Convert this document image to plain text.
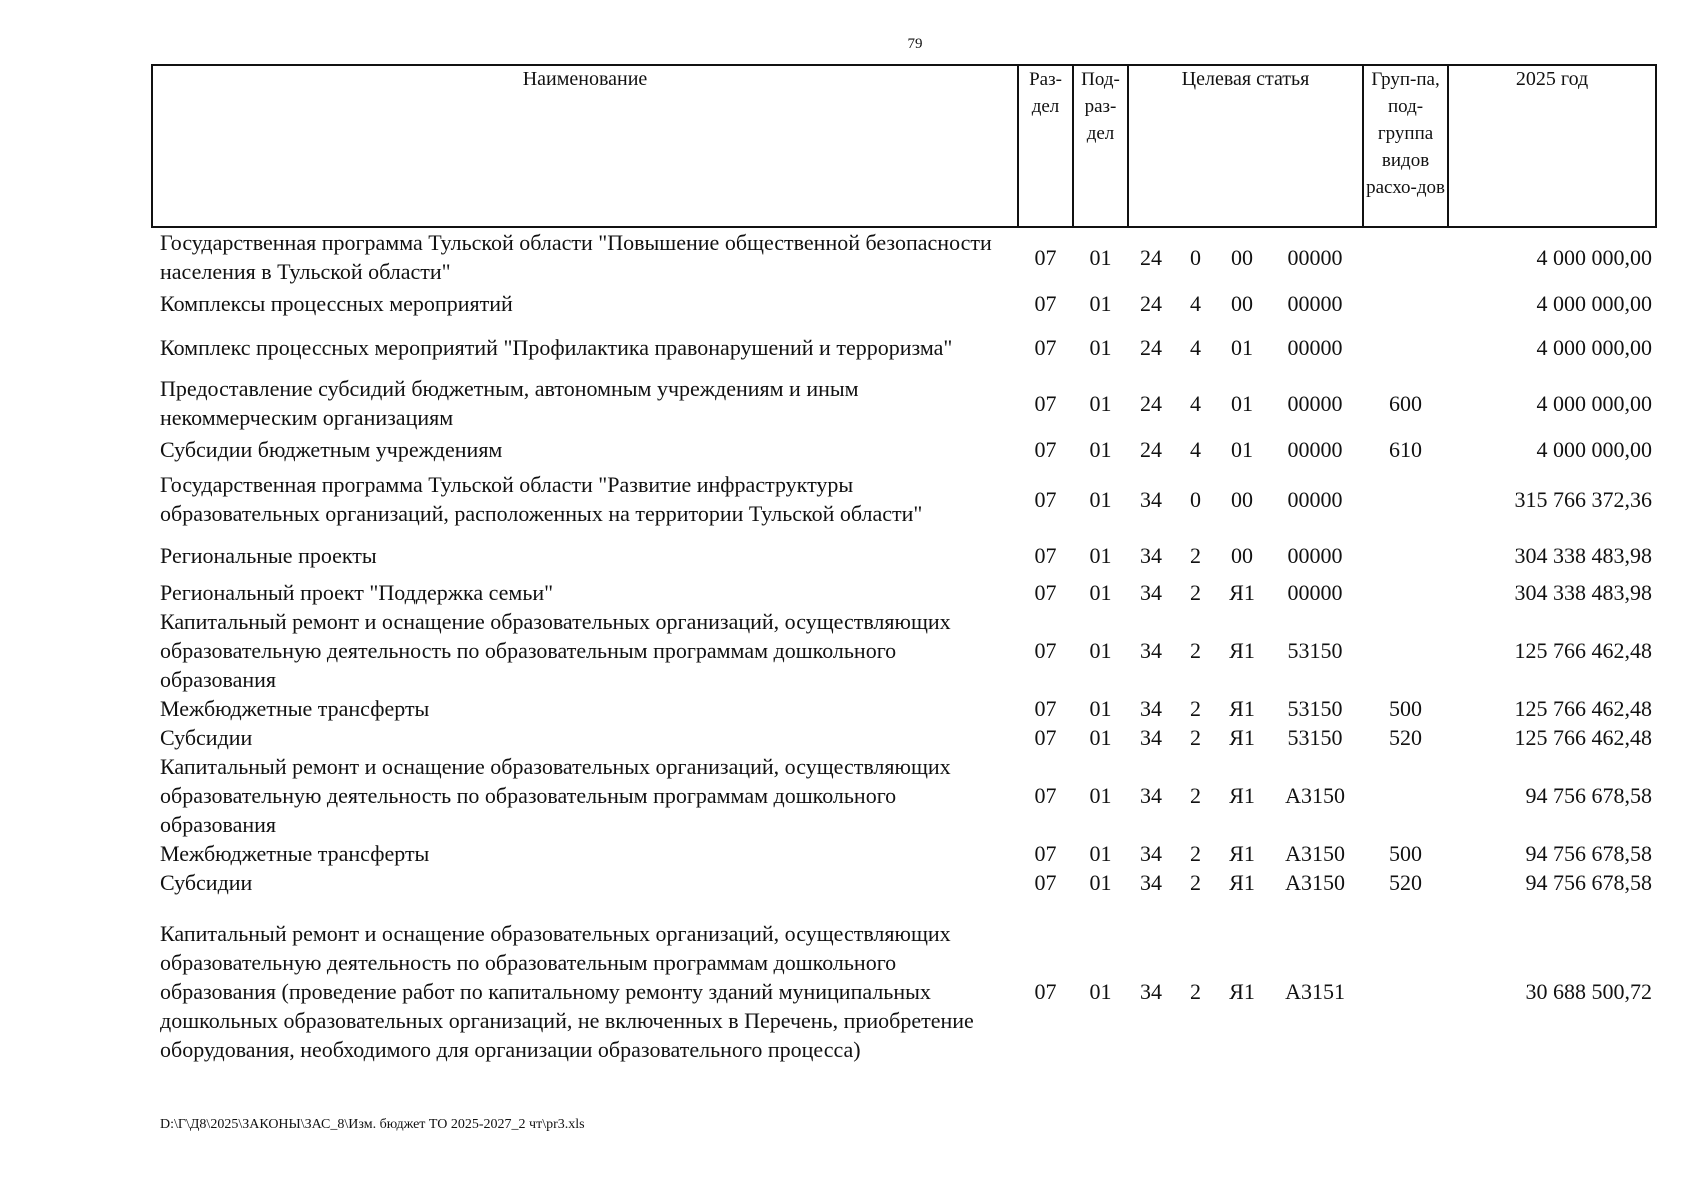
79
Наименование	Раз-дел	Под-раз-дел	Целевая статья				Груп-па, под-группа видов расхо-дов	2025 год
Государственная программа Тульской области "Повышение общественной безопасности населения в Тульской области"	07	01	24	0	00	00000		4 000 000,00
Комплексы процессных мероприятий	07	01	24	4	00	00000		4 000 000,00
Комплекс процессных мероприятий "Профилактика правонарушений и терроризма"	07	01	24	4	01	00000		4 000 000,00
Предоставление субсидий бюджетным, автономным учреждениям и иным некоммерческим организациям	07	01	24	4	01	00000	600	4 000 000,00
Субсидии бюджетным учреждениям	07	01	24	4	01	00000	610	4 000 000,00
Государственная программа Тульской области "Развитие инфраструктуры образовательных организаций, расположенных на территории Тульской области"	07	01	34	0	00	00000		315 766 372,36
Региональные проекты	07	01	34	2	00	00000		304 338 483,98
Региональный проект "Поддержка семьи"	07	01	34	2	Я1	00000		304 338 483,98
Капитальный ремонт и оснащение образовательных организаций, осуществляющих образовательную деятельность по образовательным программам дошкольного образования	07	01	34	2	Я1	53150		125 766 462,48
Межбюджетные трансферты	07	01	34	2	Я1	53150	500	125 766 462,48
Субсидии	07	01	34	2	Я1	53150	520	125 766 462,48
Капитальный ремонт и оснащение образовательных организаций, осуществляющих образовательную деятельность по образовательным программам дошкольного образования	07	01	34	2	Я1	А3150		94 756 678,58
Межбюджетные трансферты	07	01	34	2	Я1	А3150	500	94 756 678,58
Субсидии	07	01	34	2	Я1	А3150	520	94 756 678,58
Капитальный ремонт и оснащение образовательных организаций, осуществляющих образовательную деятельность по образовательным программам дошкольного образования (проведение работ по капитальному ремонту зданий муниципальных дошкольных образовательных организаций, не включенных в Перечень, приобретение оборудования, необходимого для организации образовательного процесса)	07	01	34	2	Я1	А3151		30 688 500,72
D:\Г\Д8\2025\ЗАКОНЫ\ЗАС_8\Изм. бюджет ТО 2025-2027_2 чт\pr3.xls
